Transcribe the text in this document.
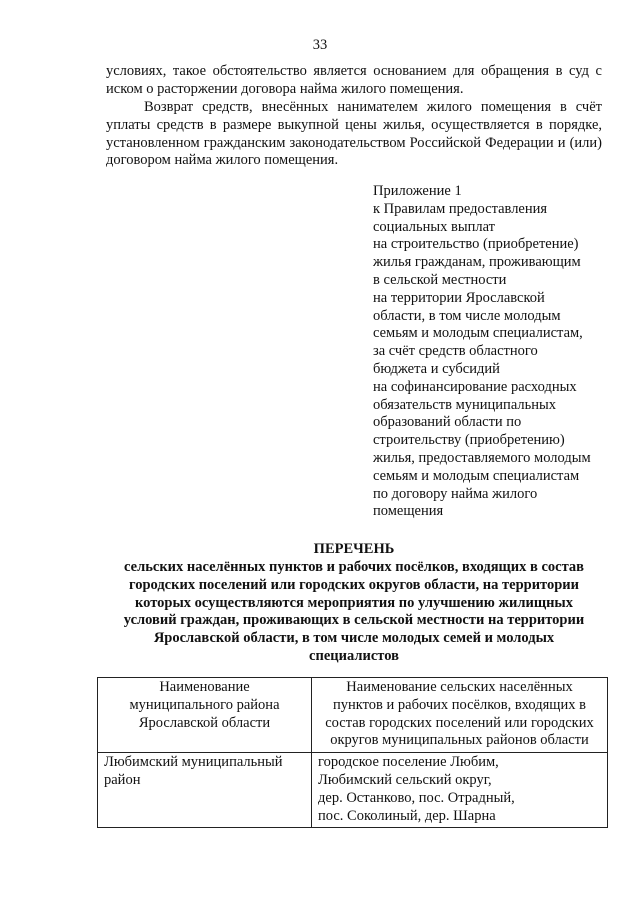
33

условиях, такое обстоятельство является основанием для обращения в суд с иском о расторжении договора найма жилого помещения.

Возврат средств, внесённых нанимателем жилого помещения в счёт уплаты средств в размере выкупной цены жилья, осуществляется в порядке, установленном гражданским законодательством Российской Федерации и (или) договором найма жилого помещения.

Приложение 1
к Правилам предоставления
социальных выплат
на строительство (приобретение)
жилья гражданам, проживающим
в сельской местности
на территории Ярославской
области, в том числе молодым
семьям и молодым специалистам,
за счёт средств областного
бюджета и субсидий
на софинансирование расходных
обязательств муниципальных
образований области по
строительству (приобретению)
жилья, предоставляемого молодым
семьям и молодым специалистам
по договору найма жилого
помещения
ПЕРЕЧЕНЬ
сельских населённых пунктов и рабочих посёлков, входящих в состав
городских поселений или городских округов области, на территории
которых осуществляются мероприятия по улучшению жилищных
условий граждан, проживающих в сельской местности на территории
Ярославской области, в том числе молодых семей и молодых
специалистов
Наименование
муниципального района
Ярославской области	Наименование сельских населённых
пунктов и рабочих посёлков, входящих в
состав городских поселений или городских
округов муниципальных районов области

Любимский муниципальный
район	городское поселение Любим,
Любимский сельский округ,
дер. Останково, пос. Отрадный,
пос. Соколиный, дер. Шарна
